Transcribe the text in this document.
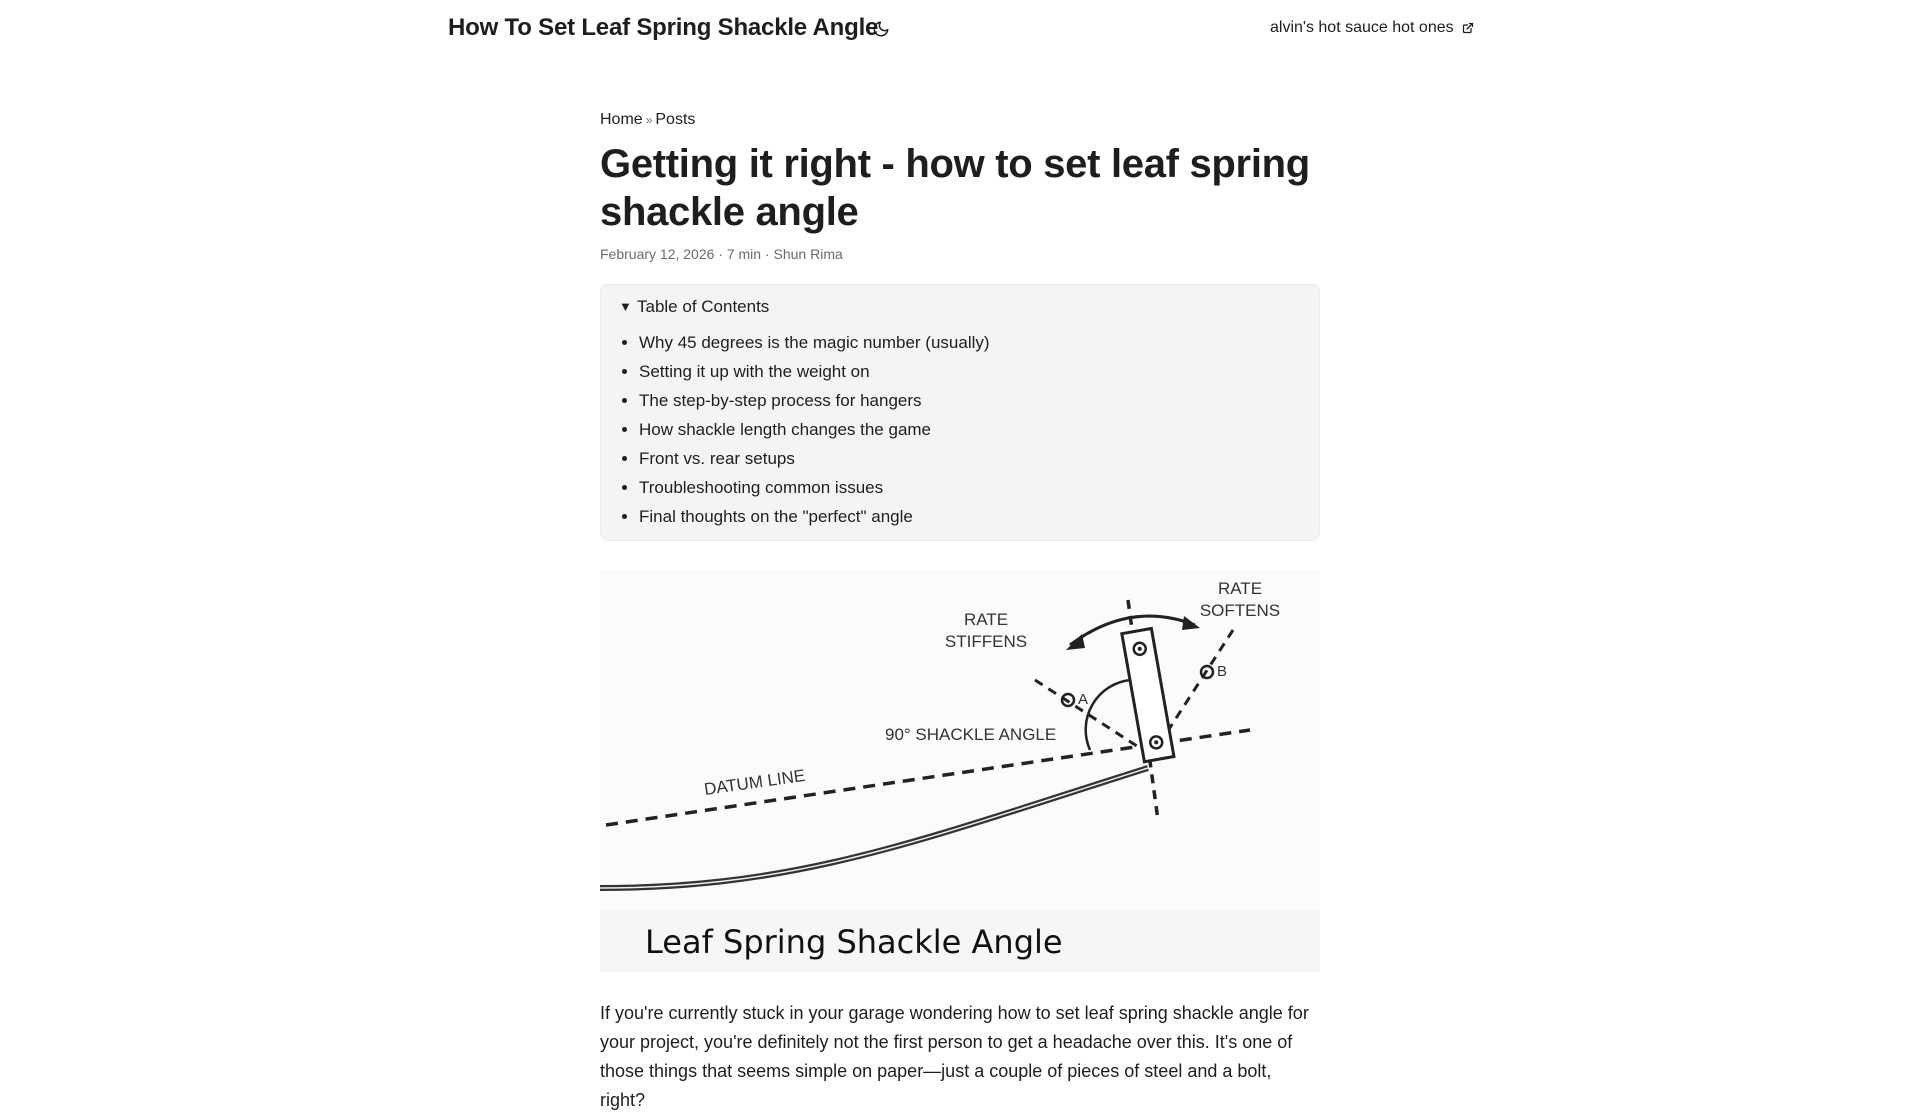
How To Set Leaf Spring Shackle Angle	alvin's hot sauce hot ones
Home » Posts
Getting it right - how to set leaf spring shackle angle
February 12, 2026 · 7 min · Shun Rima
▼ Table of Contents
• Why 45 degrees is the magic number (usually)
• Setting it up with the weight on
• The step-by-step process for hangers
• How shackle length changes the game
• Front vs. rear setups
• Troubleshooting common issues
• Final thoughts on the "perfect" angle
A
B
RATE
STIFFENS
RATE
SOFTENS
90° SHACKLE ANGLE
DATUM LINE
Leaf Spring Shackle Angle

If you're currently stuck in your garage wondering how to set leaf spring shackle angle for your project, you're definitely not the first person to get a headache over this. It's one of those things that seems simple on paper—just a couple of pieces of steel and a bolt, right?
